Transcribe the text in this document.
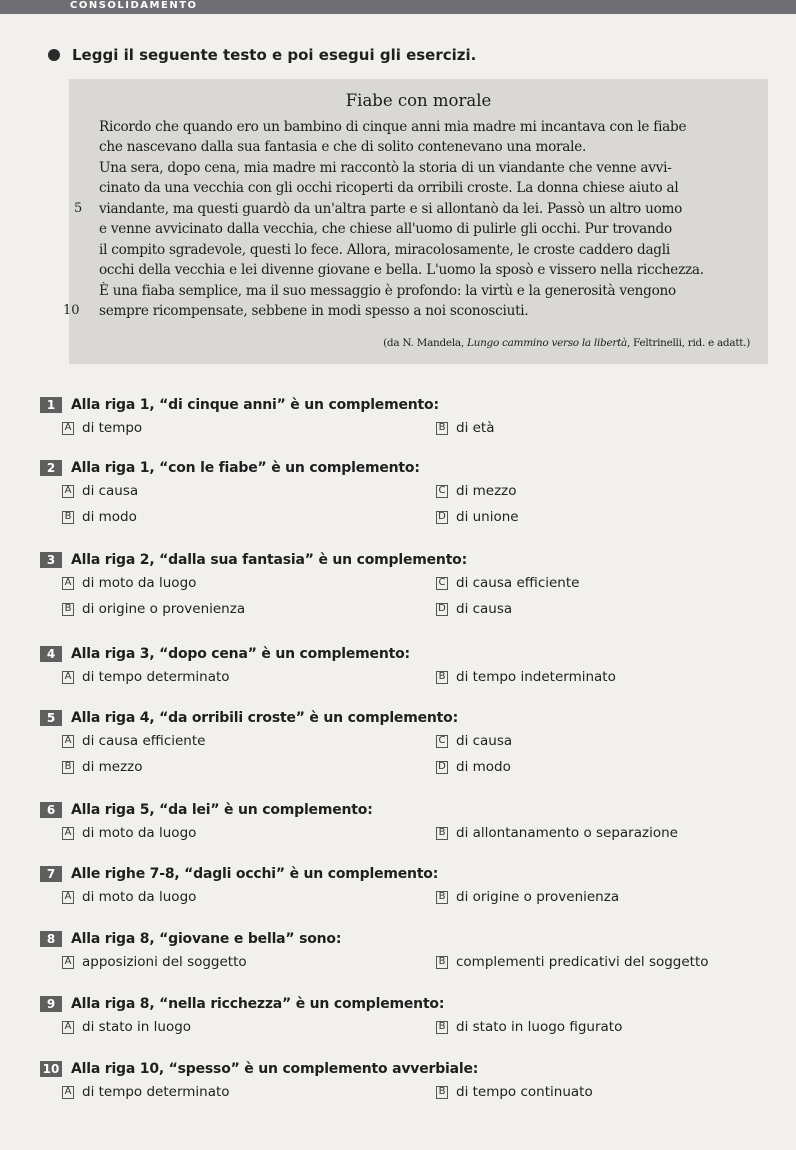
CONSOLIDAMENTO
Leggi il seguente testo e poi esegui gli esercizi.
Fiabe con morale
Ricordo che quando ero un bambino di cinque anni mia madre mi incantava con le fiabe
che nascevano dalla sua fantasia e che di solito contenevano una morale.
Una sera, dopo cena, mia madre mi raccontò la storia di un viandante che venne avvi-
cinato da una vecchia con gli occhi ricoperti da orribili croste. La donna chiese aiuto al
5 viandante, ma questi guardò da un'altra parte e si allontanò da lei. Passò un altro uomo
e venne avvicinato dalla vecchia, che chiese all'uomo di pulirle gli occhi. Pur trovando
il compito sgradevole, questi lo fece. Allora, miracolosamente, le croste caddero dagli
occhi della vecchia e lei divenne giovane e bella. L'uomo la sposò e vissero nella ricchezza.
È una fiaba semplice, ma il suo messaggio è profondo: la virtù e la generosità vengono
10 sempre ricompensate, sebbene in modi spesso a noi sconosciuti.
(da N. Mandela, Lungo cammino verso la libertà, Feltrinelli, rid. e adatt.)
1	Alla riga 1, “di cinque anni” è un complemento:
A di tempo	B di età
2	Alla riga 1, “con le fiabe” è un complemento:
A di causa	C di mezzo
B di modo	D di unione
3	Alla riga 2, “dalla sua fantasia” è un complemento:
A di moto da luogo	C di causa efficiente
B di origine o provenienza	D di causa
4	Alla riga 3, “dopo cena” è un complemento:
A di tempo determinato	B di tempo indeterminato
5	Alla riga 4, “da orribili croste” è un complemento:
A di causa efficiente	C di causa
B di mezzo	D di modo
6	Alla riga 5, “da lei” è un complemento:
A di moto da luogo	B di allontanamento o separazione
7	Alle righe 7-8, “dagli occhi” è un complemento:
A di moto da luogo	B di origine o provenienza
8	Alla riga 8, “giovane e bella” sono:
A apposizioni del soggetto	B complementi predicativi del soggetto
9	Alla riga 8, “nella ricchezza” è un complemento:
A di stato in luogo	B di stato in luogo figurato
10 Alla riga 10, “spesso” è un complemento avverbiale:
A di tempo determinato	B di tempo continuato
